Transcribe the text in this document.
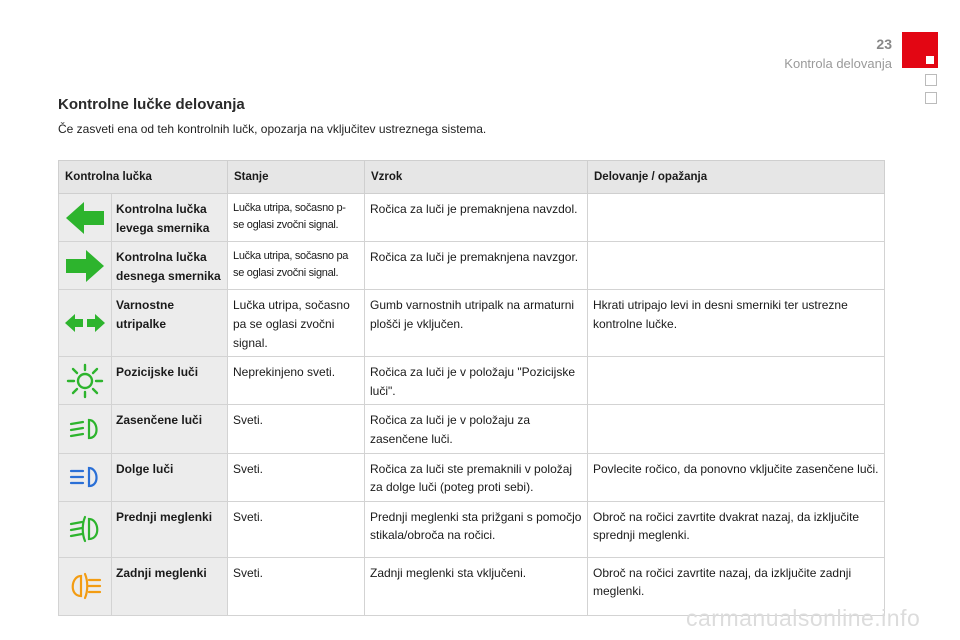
23
Kontrola delovanja
Kontrolne lučke delovanja
Če zasveti ena od teh kontrolnih lučk, opozarja na vključitev ustreznega sistema.
Kontrolna lučka		Stanje	Vzrok	Delovanje / opažanja

	Kontrolna lučka levega smernika	Lučka utripa, sočasno p- se oglasi zvočni signal.	Ročica za luči je premaknjena navzdol.	

	Kontrolna lučka desnega smernika	Lučka utripa, sočasno pa se oglasi zvočni signal.	Ročica za luči je premaknjena navzgor.	

	Varnostne utripalke	Lučka utripa, sočasno pa se oglasi zvočni signal.	Gumb varnostnih utripalk na armaturni plošči je vključen.	Hkrati utripajo levi in desni smerniki ter ustrezne kontrolne lučke.

	Pozicijske luči	Neprekinjeno sveti.	Ročica za luči je v položaju "Pozicijske luči".	

	Zasenčene luči	Sveti.	Ročica za luči je v položaju za zasenčene luči.	

	Dolge luči	Sveti.	Ročica za luči ste premaknili v položaj za dolge luči (poteg proti sebi).	Povlecite ročico, da ponovno vključite zasenčene luči.

	Prednji meglenki	Sveti.	Prednji meglenki sta prižgani s pomočjo stikala/obroča na ročici.	Obroč na ročici zavrtite dvakrat nazaj, da izključite sprednji meglenki.

	Zadnji meglenki	Sveti.	Zadnji meglenki sta vključeni.	Obroč na ročici zavrtite nazaj, da izključite zadnji meglenki.
carmanualsonline.info
